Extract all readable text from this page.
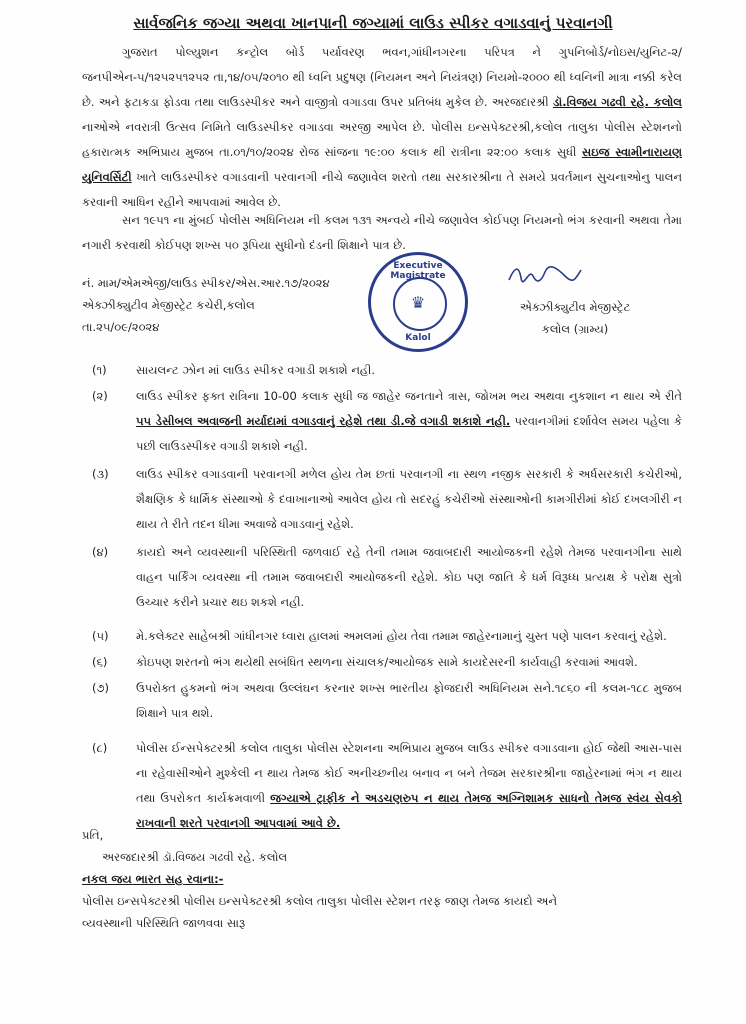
સાર્વજનિક જગ્યા અથવા ખાનપાની જગ્યામાં લાઉડ સ્પીકર વગાડવાનું પરવાનગી
ગુજરાત પોલ્યુશન કન્ટ્રોલ બોર્ડ પર્યાવરણ ભવન,ગાંધીનગરના પરિપત્ર ને ગુપનિબોર્ડ/નોઇસ/યુનિટ-૨/જનપીએન-૫/૧૨૫૨૫૧૨૫૨ તા,૧૪/૦૫/૨૦૧૦ થી ધ્વનિ પ્રદુષણ (નિયમન અને નિયંત્રણ) નિયમો-૨૦૦૦ થી ધ્વનિની માત્રા નક્કી કરેલ છે. અને ફટાકડા ફોડવા તથા લાઉડસ્પીકર અને વાજીત્રો વગાડવા ઉપર પ્રતિબંધ મુકેલ છે. અરજદારશ્રી ડૉ.વિજય ગઢવી રહે. કલોલ નાઓએ નવરાત્રી ઉત્સવ નિમિતે લાઉડસ્પીકર વગાડવા અરજી આપેલ છે. પોલીસ ઇન્સપેક્ટરશ્રી,કલોલ તાલુકા પોલીસ સ્ટેશનનો હકારાત્મક અભિપ્રાય મુજબ તા.૦૧/૧૦/૨૦૨૪ રોજ સાંજના ૧૯:૦૦ કલાક થી રાત્રીના ૨૨:૦૦ કલાક સુધી સઇજ સ્વામીનારાયણ યુનિવર્સિટી ખાતે લાઉડસ્પીકર વગાડવાની પરવાનગી નીચે જણાવેલ શરતો તથા સરકારશ્રીના તે સમયે પ્રવર્તમાન સુચનાઓનુ પાલન કરવાની આધિન રહીને આપવામાં આવેલ છે.
સન ૧૯૫૧ ના મુંબઈ પોલીસ અધિનિયમ ની કલમ ૧૩૧ અન્વયે નીચે જણાવેલ કોઈપણ નિયમનો ભંગ કરવાની અથવા તેમા નગારી કરવાથી કોઈપણ શખ્સ ૫૦ રૂપિયા સુધીનો દંડની શિક્ષાને પાત્ર છે.
નં. મામ/એમએજી/લાઉડ સ્પીકર/એસ.આર.૧૭/૨૦૨૪
એક્ઝીક્યુટીવ મેજીસ્ટ્રેટ કચેરી,કલોલ
તા.૨૫/૦૯/૨૦૨૪
Executive Magistrate
♛
Kalol
એક્ઝીક્યુટીવ મેજીસ્ટ્રેટ
કલોલ (ગ્રામ્ય)
(૧)	સાયલન્ટ ઝોન માં લાઉડ સ્પીકર વગાડી શકાશે નહી.
(૨) લાઉડ સ્પીકર ફક્ત રાત્રિના 10-00 કલાક સુધી જ જાહેર જનતાને ત્રાસ, જોખમ ભય અથવા નુકશાન ન થાય એ રીતે ૫૫ ડેસીબલ અવાજની મર્યાદામાં વગાડવાનું રહેશે તથા ડી.જે વગાડી શકાશે નહી. પરવાનગીમાં દર્શાવેલ સમય પહેલા કે પછી લાઉડસ્પીકર વગાડી શકાશે નહી.
(૩) લાઉડ સ્પીકર વગાડવાની પરવાનગી મળેલ હોય તેમ છતાં પરવાનગી ના સ્થળ નજીક સરકારી કે અર્ધસરકારી કચેરીઓ, શૈક્ષણિક કે ધાર્મિક સંસ્થાઓ કે દવાખાનાઓ આવેલ હોય તો સદરહું કચેરીઓ સંસ્થાઓની કામગીરીમાં કોઈ દખલગીરી ન થાય તે રીતે તદન ધીમા અવાજે વગાડવાનું રહેશે.
(૪) કાયદો અને વ્યવસ્થાની પરિસ્થિતી જળવાઈ રહે તેની તમામ જવાબદારી આયોજકની રહેશે તેમજ પરવાનગીના સાથે વાહન પાર્કિંગ વ્યવસ્થા ની તમામ જવાબદારી આયોજકની રહેશે. કોઇ પણ જાતિ કે ધર્મ વિરૂધ્ધ પ્રત્યક્ષ કે પરોક્ષ સુત્રો ઉચ્ચાર કરીને પ્રચાર થઇ શકશે નહી.
(૫) મે.કલેક્ટર સાહેબશ્રી ગાંધીનગર ધ્વારા હાલમાં અમલમાં હોય તેવા તમામ જાહેરનામાનું ચુસ્ત પણે પાલન કરવાનું રહેશે.
(૬) કોઇપણ શરતનો ભંગ થયેથી સબંધિત સ્થળના સંચાલક/આયોજક સામે કાયદેસરની કાર્યવાહી કરવામાં આવશે.
(૭) ઉપરોક્ત હુકમનો ભંગ અથવા ઉલ્લંઘન કરનાર શખ્સ ભારતીય ફોજદારી અધિનિયમ સને.૧૮૬૦ ની કલમ-૧૮૮ મુજબ શિક્ષાને પાત્ર થશે.
(૮) પોલીસ ઈન્સપેક્ટરશ્રી કલોલ તાલુકા પોલીસ સ્ટેશનના અભિપ્રાય મુજબ લાઉડ સ્પીકર વગાડવાના હોઈ જેથી આસ-પાસ ના રહેવાસીઓને મુશ્કેલી ન થાય તેમજ કોઈ અનીચ્છનીય બનાવ ન બને તેજમ સરકારશ્રીના જાહેરનામાં ભંગ ન થાય તથા ઉપરોકત કાર્યક્રમવાળી જગ્યાએ ટ્રાફીક ને અડચણરુપ ન થાય તેમજ અગ્નિશામક સાધનો તેમજ સ્વંય સેવકો રાખવાની શરતે પરવાનગી આપવામાં આવે છે.
પ્રતિ,
અરજદારશ્રી ડૉ.વિજય ગઢવી રહે. કલોલ
નકલ જય ભારત સહ રવાના:-
પોલીસ ઇન્સપેક્ટરશ્રી પોલીસ ઇન્સપેક્ટરશ્રી કલોલ તાલુકા પોલીસ સ્ટેશન તરફ જાણ તેમજ કાયદો અને
વ્યવસ્થાની પરિસ્થિતિ જાળવવા સારૂ
